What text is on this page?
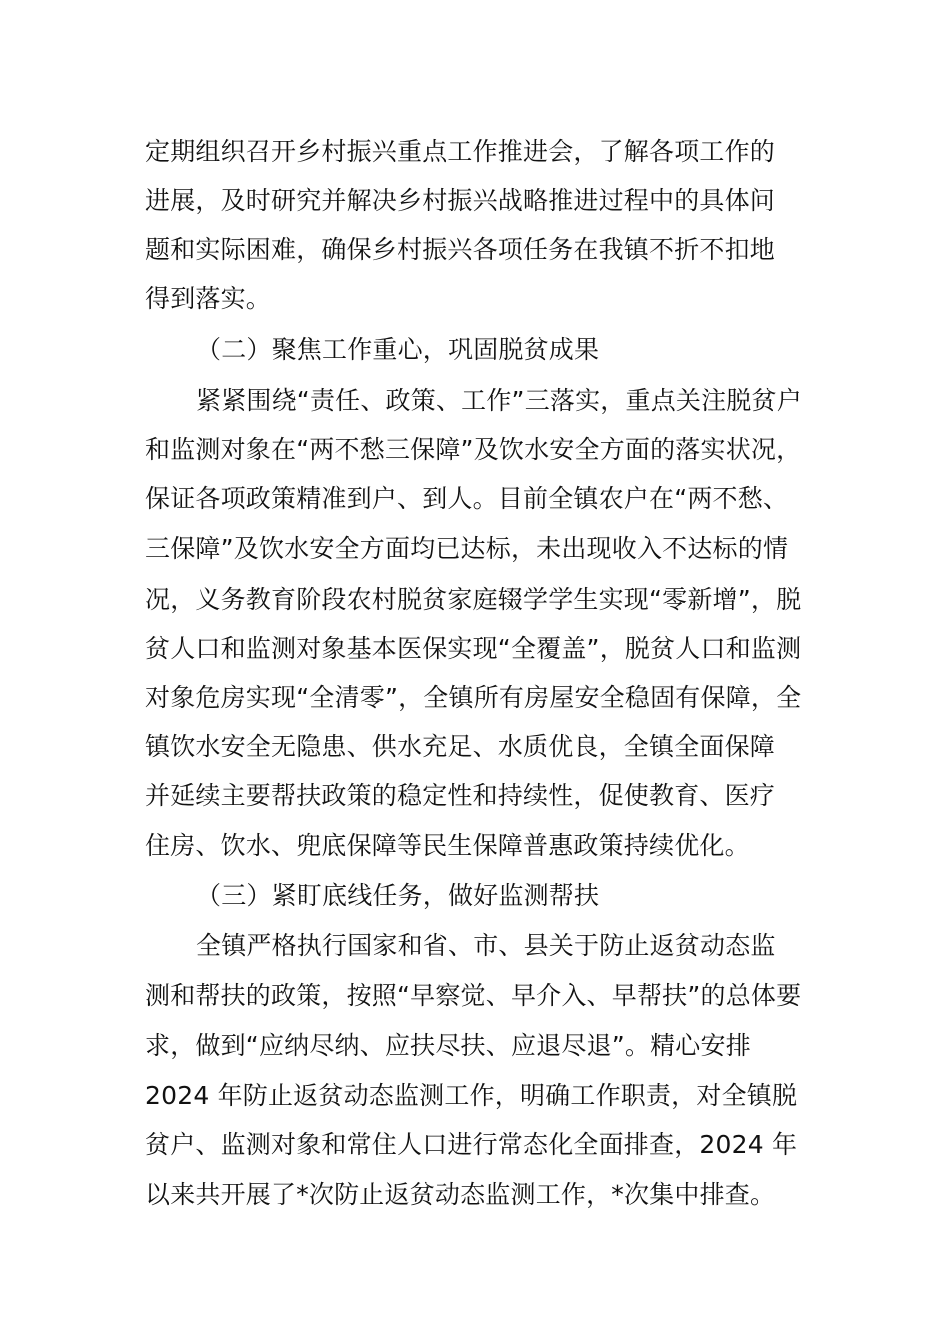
定期组织召开乡村振兴重点工作推进会，了解各项工作的
进展，及时研究并解决乡村振兴战略推进过程中的具体问
题和实际困难，确保乡村振兴各项任务在我镇不折不扣地
得到落实。
（二）聚焦工作重心，巩固脱贫成果
紧紧围绕“责任、政策、工作”三落实，重点关注脱贫户
和监测对象在“两不愁三保障”及饮水安全方面的落实状况，
保证各项政策精准到户、到人。目前全镇农户在“两不愁、
三保障”及饮水安全方面均已达标，未出现收入不达标的情
况，义务教育阶段农村脱贫家庭辍学学生实现“零新增”，脱
贫人口和监测对象基本医保实现“全覆盖”，脱贫人口和监测
对象危房实现“全清零”，全镇所有房屋安全稳固有保障，全
镇饮水安全无隐患、供水充足、水质优良，全镇全面保障
并延续主要帮扶政策的稳定性和持续性，促使教育、医疗
住房、饮水、兜底保障等民生保障普惠政策持续优化。
（三）紧盯底线任务，做好监测帮扶
全镇严格执行国家和省、市、县关于防止返贫动态监
测和帮扶的政策，按照“早察觉、早介入、早帮扶”的总体要
求，做到“应纳尽纳、应扶尽扶、应退尽退”。精心安排
2024 年防止返贫动态监测工作，明确工作职责，对全镇脱
贫户、监测对象和常住人口进行常态化全面排查，2024 年
以来共开展了*次防止返贫动态监测工作，*次集中排查。
